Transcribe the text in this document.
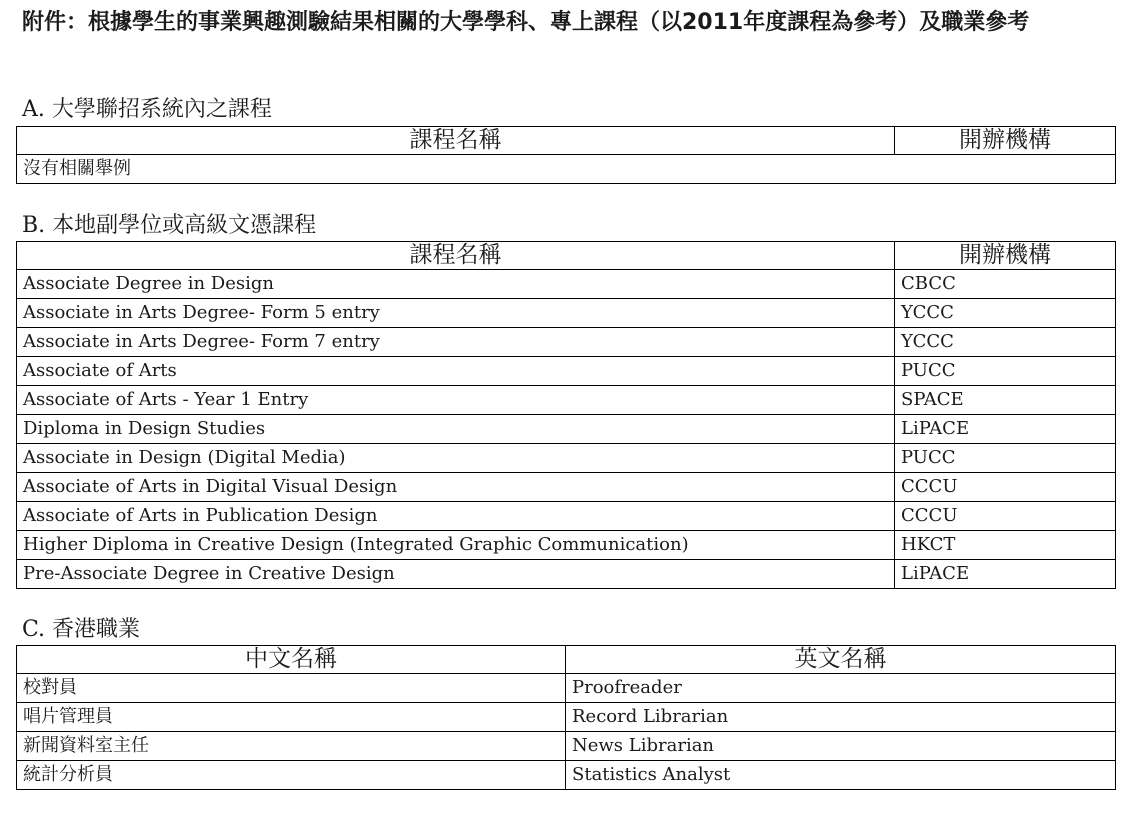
附件：根據學生的事業興趣測驗結果相關的大學學科、專上課程（以2011年度課程為參考）及職業參考
A. 大學聯招系統內之課程
課程名稱	開辦機構
沒有相關舉例
B. 本地副學位或高級文憑課程
課程名稱	開辦機構
Associate Degree in Design	CBCC
Associate in Arts Degree- Form 5 entry	YCCC
Associate in Arts Degree- Form 7 entry	YCCC
Associate of Arts	PUCC
Associate of Arts - Year 1 Entry	SPACE
Diploma in Design Studies	LiPACE
Associate in Design (Digital Media)	PUCC
Associate of Arts in Digital Visual Design	CCCU
Associate of Arts in Publication Design	CCCU
Higher Diploma in Creative Design (Integrated Graphic Communication)	HKCT
Pre-Associate Degree in Creative Design	LiPACE
C. 香港職業
中文名稱	英文名稱
校對員	Proofreader
唱片管理員	Record Librarian
新聞資料室主任	News Librarian
統計分析員	Statistics Analyst
